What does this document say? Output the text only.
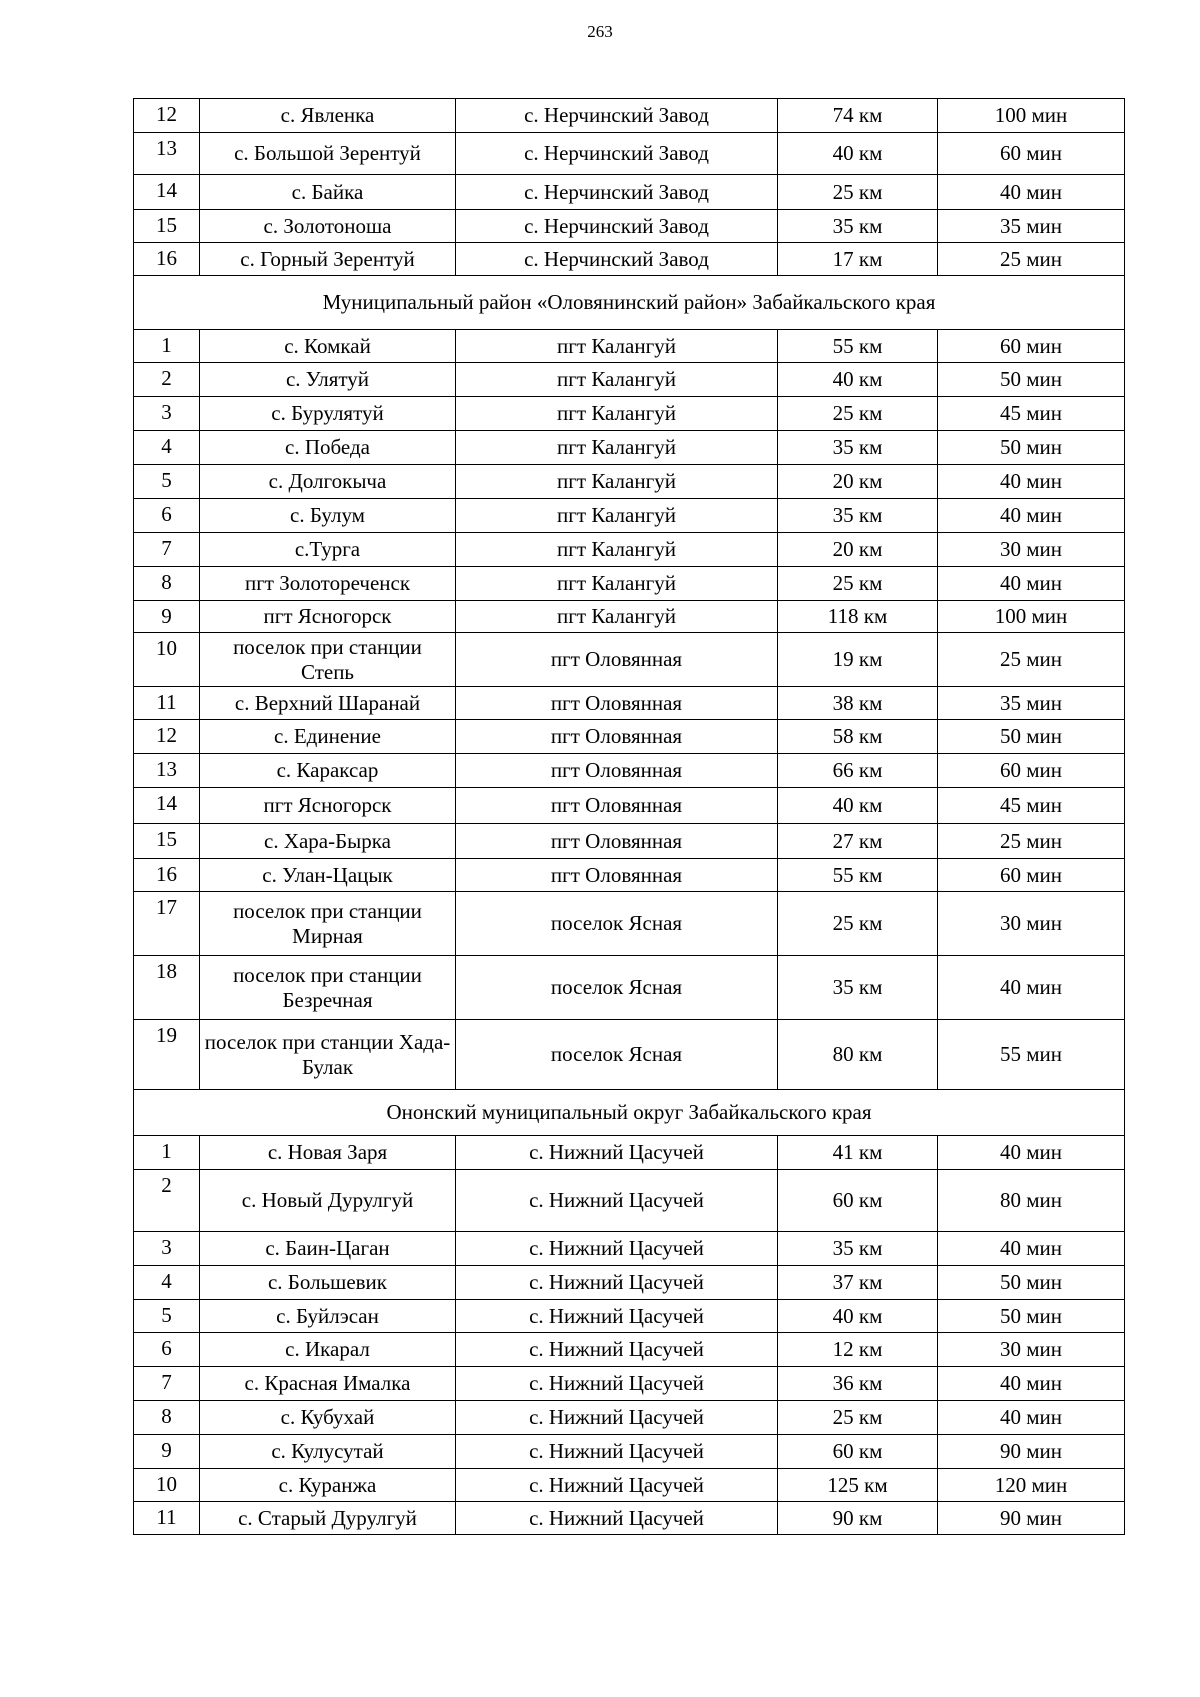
263
12	с. Явленка	с. Нерчинский Завод	74 км	100 мин
13	с. Большой Зерентуй	с. Нерчинский Завод	40 км	60 мин
14	с. Байка	с. Нерчинский Завод	25 км	40 мин
15	с. Золотоноша	с. Нерчинский Завод	35 км	35 мин
16	с. Горный Зерентуй	с. Нерчинский Завод	17 км	25 мин
Муниципальный район «Оловянинский район» Забайкальского края				
1	с. Комкай	пгт Калангуй	55 км	60 мин
2	с. Улятуй	пгт Калангуй	40 км	50 мин
3	с. Бурулятуй	пгт Калангуй	25 км	45 мин
4	с. Победа	пгт Калангуй	35 км	50 мин
5	с. Долгокыча	пгт Калангуй	20 км	40 мин
6	с. Булум	пгт Калангуй	35 км	40 мин
7	с.Турга	пгт Калангуй	20 км	30 мин
8	пгт Золотореченск	пгт Калангуй	25 км	40 мин
9	пгт Ясногорск	пгт Калангуй	118 км	100 мин
10	поселок при станции Степь	пгт Оловянная	19 км	25 мин
11	с. Верхний Шаранай	пгт Оловянная	38 км	35 мин
12	с. Единение	пгт Оловянная	58 км	50 мин
13	с. Караксар	пгт Оловянная	66 км	60 мин
14	пгт Ясногорск	пгт Оловянная	40 км	45 мин
15	с. Хара-Бырка	пгт Оловянная	27 км	25 мин
16	с. Улан-Цацык	пгт Оловянная	55 км	60 мин
17	поселок при станции Мирная	поселок Ясная	25 км	30 мин
18	поселок при станции Безречная	поселок Ясная	35 км	40 мин
19	поселок при станции Хада-Булак	поселок Ясная	80 км	55 мин
Ононский муниципальный округ Забайкальского края				
1	с. Новая Заря	с. Нижний Цасучей	41 км	40 мин
2	с. Новый Дурулгуй	с. Нижний Цасучей	60 км	80 мин
3	с. Баин-Цаган	с. Нижний Цасучей	35 км	40 мин
4	с. Большевик	с. Нижний Цасучей	37 км	50 мин
5	с. Буйлэсан	с. Нижний Цасучей	40 км	50 мин
6	с. Икарал	с. Нижний Цасучей	12 км	30 мин
7	с. Красная Ималка	с. Нижний Цасучей	36 км	40 мин
8	с. Кубухай	с. Нижний Цасучей	25 км	40 мин
9	с. Кулусутай	с. Нижний Цасучей	60 км	90 мин
10	с. Куранжа	с. Нижний Цасучей	125 км	120 мин
11	с. Старый Дурулгуй	с. Нижний Цасучей	90 км	90 мин
